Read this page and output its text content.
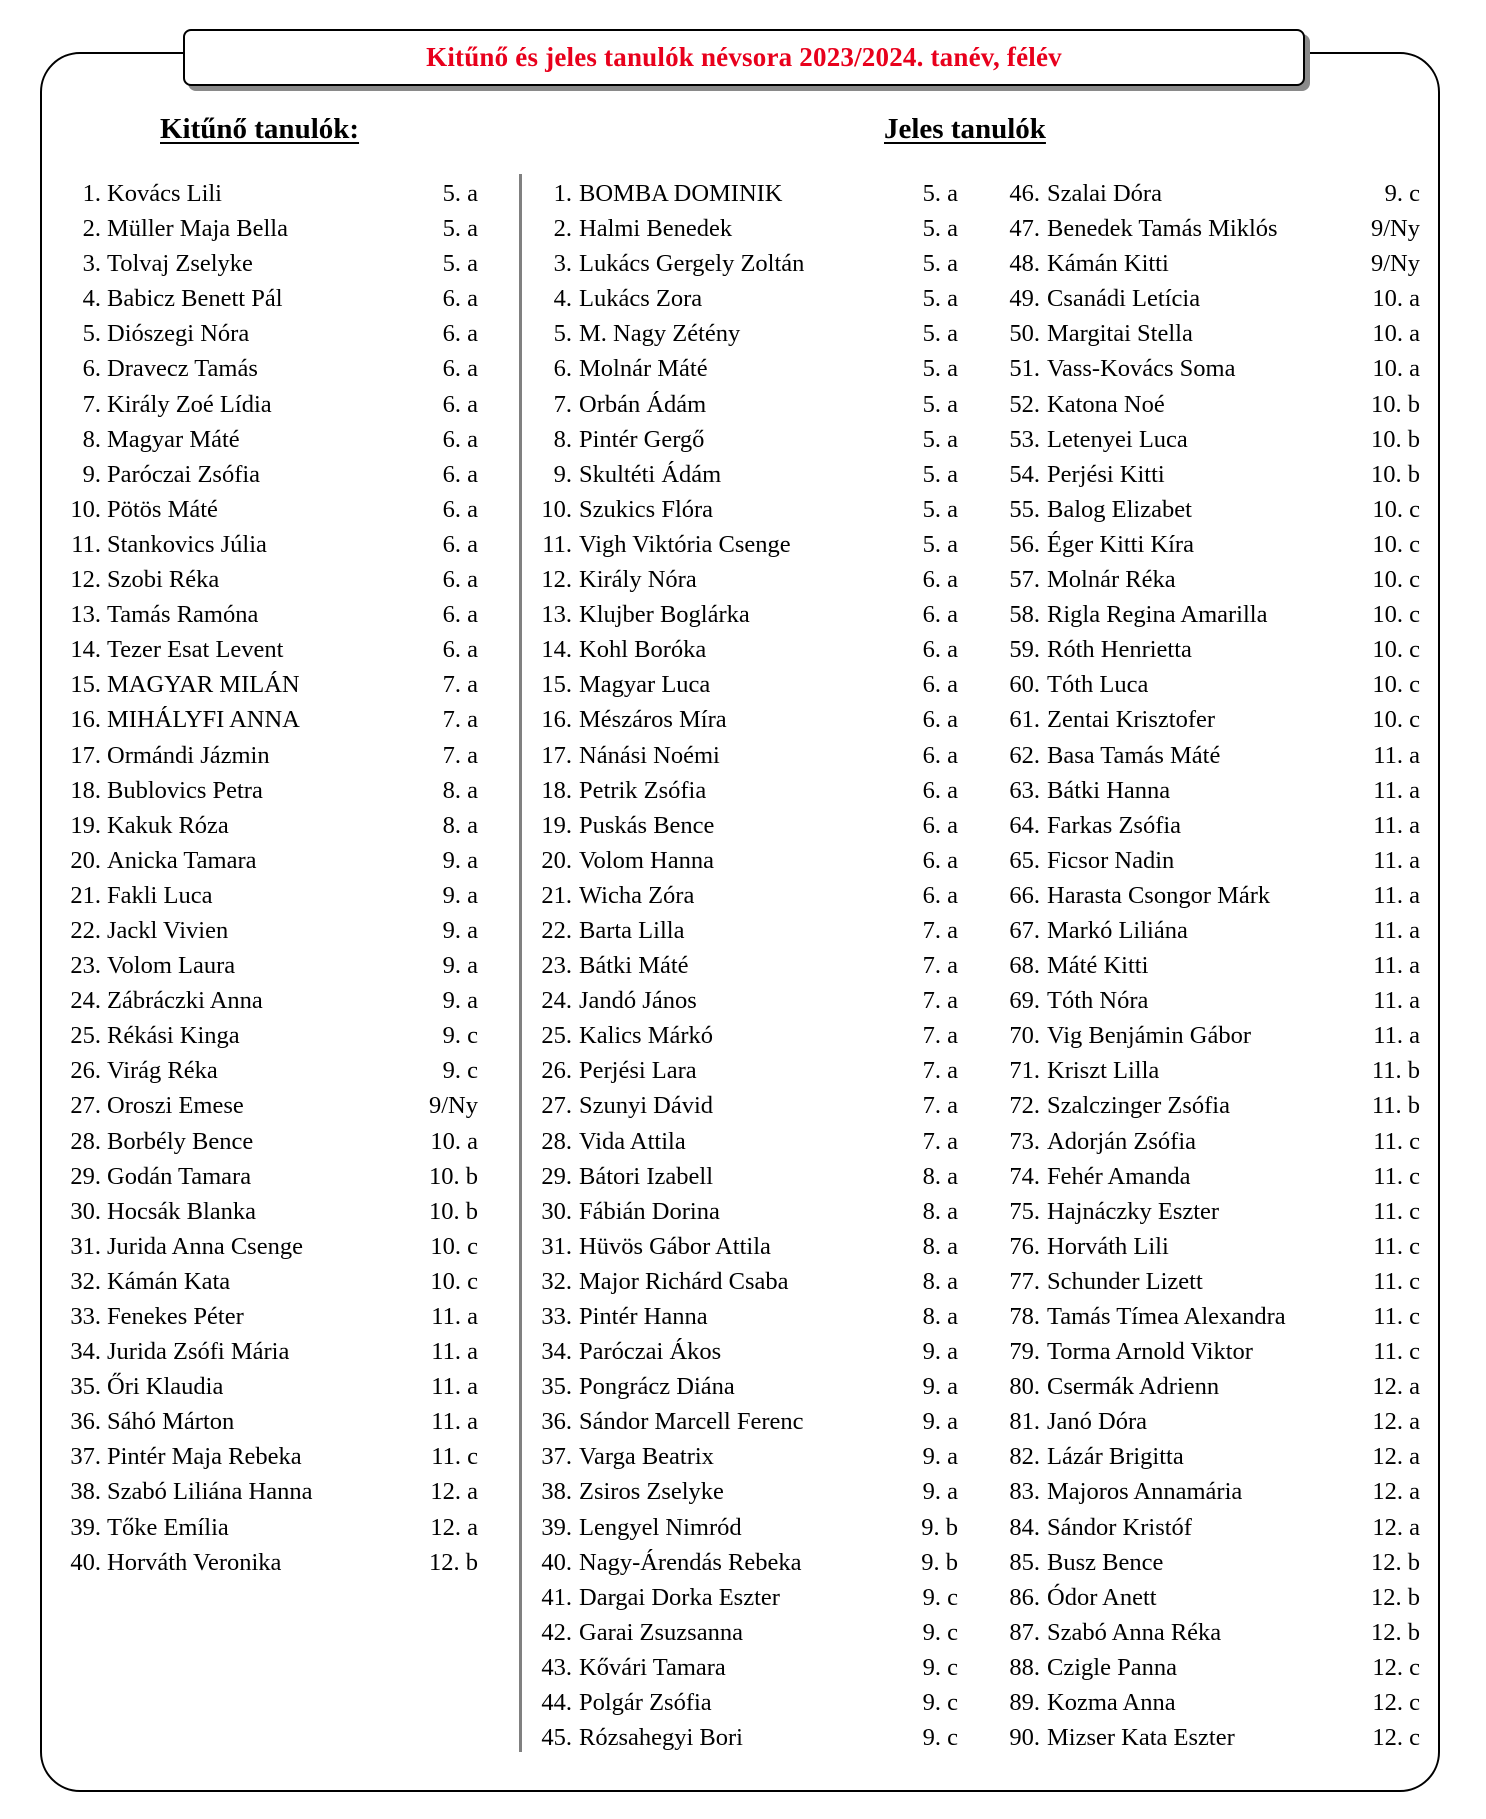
Kitűnő és jeles tanulók névsora 2023/2024. tanév, félév
Kitűnő tanulók:	Jeles tanulók
1. Kovács Lili	5. a
2. Müller Maja Bella	5. a
3. Tolvaj Zselyke	5. a
4. Babicz Benett Pál	6. a
5. Diószegi Nóra	6. a
6. Dravecz Tamás	6. a
7. Király Zoé Lídia	6. a
8. Magyar Máté	6. a
9. Paróczai Zsófia	6. a
10. Pötös Máté	6. a
11. Stankovics Júlia	6. a
12. Szobi Réka	6. a
13. Tamás Ramóna	6. a
14. Tezer Esat Levent	6. a
15. MAGYAR MILÁN	7. a
16. MIHÁLYFI ANNA	7. a
17. Ormándi Jázmin	7. a
18. Bublovics Petra	8. a
19. Kakuk Róza	8. a
20. Anicka Tamara	9. a
21. Fakli Luca	9. a
22. Jackl Vivien	9. a
23. Volom Laura	9. a
24. Zábráczki Anna	9. a
25. Rékási Kinga	9. c
26. Virág Réka	9. c
27. Oroszi Emese	9/Ny
28. Borbély Bence	10. a
29. Godán Tamara	10. b
30. Hocsák Blanka	10. b
31. Jurida Anna Csenge	10. c
32. Kámán Kata	10. c
33. Fenekes Péter	11. a
34. Jurida Zsófi Mária	11. a
35. Őri Klaudia	11. a
36. Sáhó Márton	11. a
37. Pintér Maja Rebeka	11. c
38. Szabó Liliána Hanna	12. a
39. Tőke Emília	12. a
40. Horváth Veronika	12. b
1. BOMBA DOMINIK	5. a
2. Halmi Benedek	5. a
3. Lukács Gergely Zoltán	5. a
4. Lukács Zora	5. a
5. M. Nagy Zétény	5. a
6. Molnár Máté	5. a
7. Orbán Ádám	5. a
8. Pintér Gergő	5. a
9. Skultéti Ádám	5. a
10. Szukics Flóra	5. a
11. Vigh Viktória Csenge	5. a
12. Király Nóra	6. a
13. Klujber Boglárka	6. a
14. Kohl Boróka	6. a
15. Magyar Luca	6. a
16. Mészáros Míra	6. a
17. Nánási Noémi	6. a
18. Petrik Zsófia	6. a
19. Puskás Bence	6. a
20. Volom Hanna	6. a
21. Wicha Zóra	6. a
22. Barta Lilla	7. a
23. Bátki Máté	7. a
24. Jandó János	7. a
25. Kalics Márkó	7. a
26. Perjési Lara	7. a
27. Szunyi Dávid	7. a
28. Vida Attila	7. a
29. Bátori Izabell	8. a
30. Fábián Dorina	8. a
31. Hüvös Gábor Attila	8. a
32. Major Richárd Csaba	8. a
33. Pintér Hanna	8. a
34. Paróczai Ákos	9. a
35. Pongrácz Diána	9. a
36. Sándor Marcell Ferenc	9. a
37. Varga Beatrix	9. a
38. Zsiros Zselyke	9. a
39. Lengyel Nimród	9. b
40. Nagy-Árendás Rebeka	9. b
41. Dargai Dorka Eszter	9. c
42. Garai Zsuzsanna	9. c
43. Kővári Tamara	9. c
44. Polgár Zsófia	9. c
45. Rózsahegyi Bori	9. c
46. Szalai Dóra	9. c
47. Benedek Tamás Miklós	9/Ny
48. Kámán Kitti	9/Ny
49. Csanádi Letícia	10. a
50. Margitai Stella	10. a
51. Vass-Kovács Soma	10. a
52. Katona Noé	10. b
53. Letenyei Luca	10. b
54. Perjési Kitti	10. b
55. Balog Elizabet	10. c
56. Éger Kitti Kíra	10. c
57. Molnár Réka	10. c
58. Rigla Regina Amarilla	10. c
59. Róth Henrietta	10. c
60. Tóth Luca	10. c
61. Zentai Krisztofer	10. c
62. Basa Tamás Máté	11. a
63. Bátki Hanna	11. a
64. Farkas Zsófia	11. a
65. Ficsor Nadin	11. a
66. Harasta Csongor Márk	11. a
67. Markó Liliána	11. a
68. Máté Kitti	11. a
69. Tóth Nóra	11. a
70. Vig Benjámin Gábor	11. a
71. Kriszt Lilla	11. b
72. Szalczinger Zsófia	11. b
73. Adorján Zsófia	11. c
74. Fehér Amanda	11. c
75. Hajnáczky Eszter	11. c
76. Horváth Lili	11. c
77. Schunder Lizett	11. c
78. Tamás Tímea Alexandra	11. c
79. Torma Arnold Viktor	11. c
80. Csermák Adrienn	12. a
81. Janó Dóra	12. a
82. Lázár Brigitta	12. a
83. Majoros Annamária	12. a
84. Sándor Kristóf	12. a
85. Busz Bence	12. b
86. Ódor Anett	12. b
87. Szabó Anna Réka	12. b
88. Czigle Panna	12. c
89. Kozma Anna	12. c
90. Mizser Kata Eszter	12. c
